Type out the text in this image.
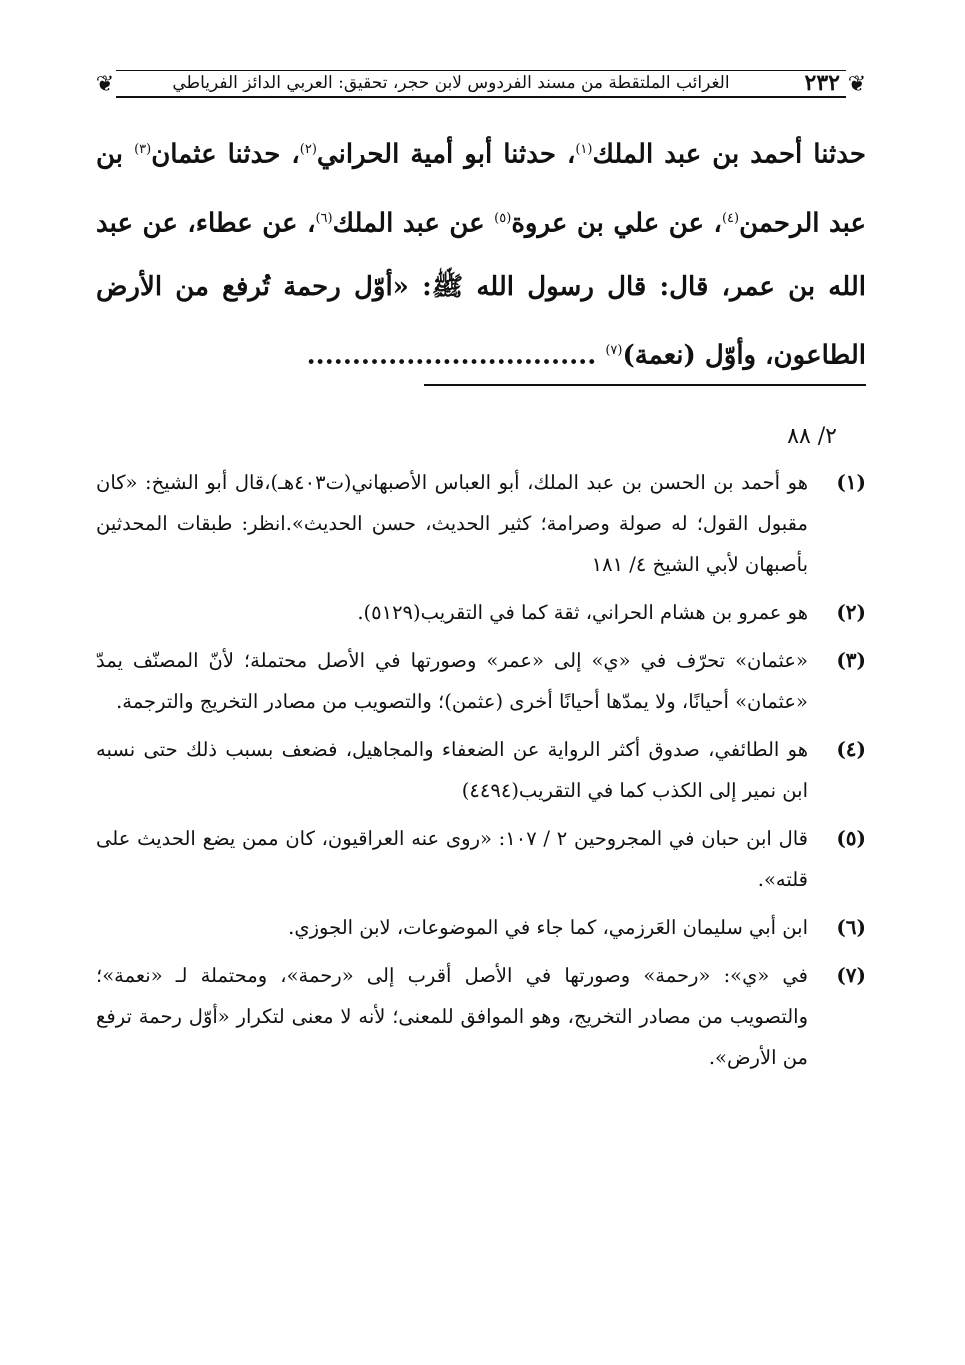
❦
❦	٢٣٢
الغرائب الملتقطة من مسند الفردوس لابن حجر، تحقيق: العربي الدائز الفرياطي

حدثنا أحمد بن عبد الملك$^{(١)}$، حدثنا أبو أمية الحراني$^{(٢)}$، حدثنا عثمان$^{(٣)}$ بن عبد الرحمن$^{(٤)}$، عن علي بن عروة$^{(٥)}$ عن عبد الملك$^{(٦)}$، عن عطاء، عن عبد الله بن عمر، قال: قال رسول الله ﷺ: «أوّل رحمة تُرفع من الأرض الطاعون، وأوّل (نعمة)$^{(٧)}$ ................................

٢/ ٨٨
(١)
هو أحمد بن الحسن بن عبد الملك، أبو العباس الأصبهاني(ت٤٠٣هـ)،قال أبو الشيخ: «كان مقبول القول؛ له صولة وصرامة؛ كثير الحديث، حسن الحديث».انظر: طبقات المحدثين بأصبهان لأبي الشيخ ٤/ ١٨١
(٢)
هو عمرو بن هشام الحراني، ثقة كما في التقريب(٥١٢٩).
(٣)
«عثمان» تحرّف في «ي» إلى «عمر» وصورتها في الأصل محتملة؛ لأنّ المصنّف يمدّ «عثمان» أحيانًا، ولا يمدّها أحيانًا أخرى (عثمن)؛ والتصويب من مصادر التخريج والترجمة.
(٤)
هو الطائفي، صدوق أكثر الرواية عن الضعفاء والمجاهيل، فضعف بسبب ذلك حتى نسبه ابن نمير إلى الكذب كما في التقريب(٤٤٩٤)
(٥)
قال ابن حبان في المجروحين ٢ / ١٠٧: «روى عنه العراقيون، كان ممن يضع الحديث على قلته».
(٦)
ابن أبي سليمان العَرزمي، كما جاء في الموضوعات، لابن الجوزي.
(٧)
في «ي»: «رحمة» وصورتها في الأصل أقرب إلى «رحمة»، ومحتملة لـ «نعمة»؛ والتصويب من مصادر التخريج، وهو الموافق للمعنى؛ لأنه لا معنى لتكرار «أوّل رحمة ترفع من الأرض».
